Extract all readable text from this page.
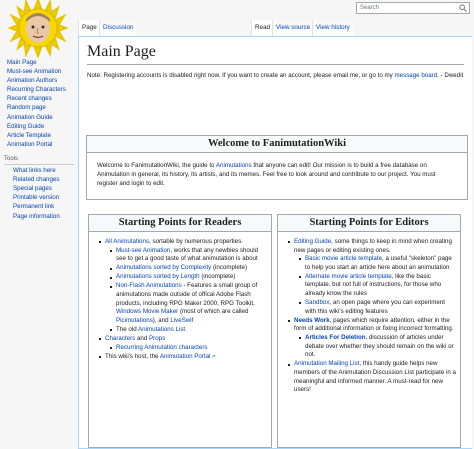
Main Page
Must-see Animation
Animation Authors
Recurring Characters
Recent changes
Random page
Animation Guide
Editing Guide
Article Template
Animation Portal
Tools
What links here
Related changes
Special pages
Printable version
Permanent link
Page information
Page Discussion	Read View source View history
Search
Main Page

Note: Registering accounts is disabled right now. If you want to create an account, please email me, or go to my message board. - Dwedit

Welcome to FanimutationWiki

Welcome to FanimutationWiki, the guide to Animutations that anyone can edit! Our mission is to build a free database on Animutation in general, its history, its artists, and its memes. Feel free to look around and contribute to our project. You must register and login to edit.

Starting Points for Readers
All Animutations, sortable by numerous properties.
Must-see Animation, works that any newbies should see to get a good taste of what animutation is about
Animutations sorted by Complexity (incomplete)
Animutations sorted by Length (incomplete)
Non-Flash Animutations - Features a small group of animutations made outside of offical Adobe Flash products, including RPG Maker 2000, RPG Toolkit, Windows Movie Maker (most of which are called Picimutations), and LiveSwif
The old Animutations List
Characters and Props
Recurring Animutation characters
This wiki's host, the Animutation Portal↗
Starting Points for Editors
Editing Guide, some things to keep in mind when creating new pages or editing existing ones.
Basic movie article template, a useful "skeleton" page to help you start an article here about an animutation
Alternate movie article template, like the basic template, but not full of instructions, for those who already know the rules
Sandbox, an open page where you can experiment with this wiki's editing features
Needs Work, pages which require attention, either in the form of additional information or fixing incorrect formatting.
Articles For Deletion, discussion of articles under debate over whether they should remain on the wiki or not.
Animutation Mailing List, this handy guide helps new members of the Animutation Discussion List participate in a meaningful and informed manner. A must-read for new users!
